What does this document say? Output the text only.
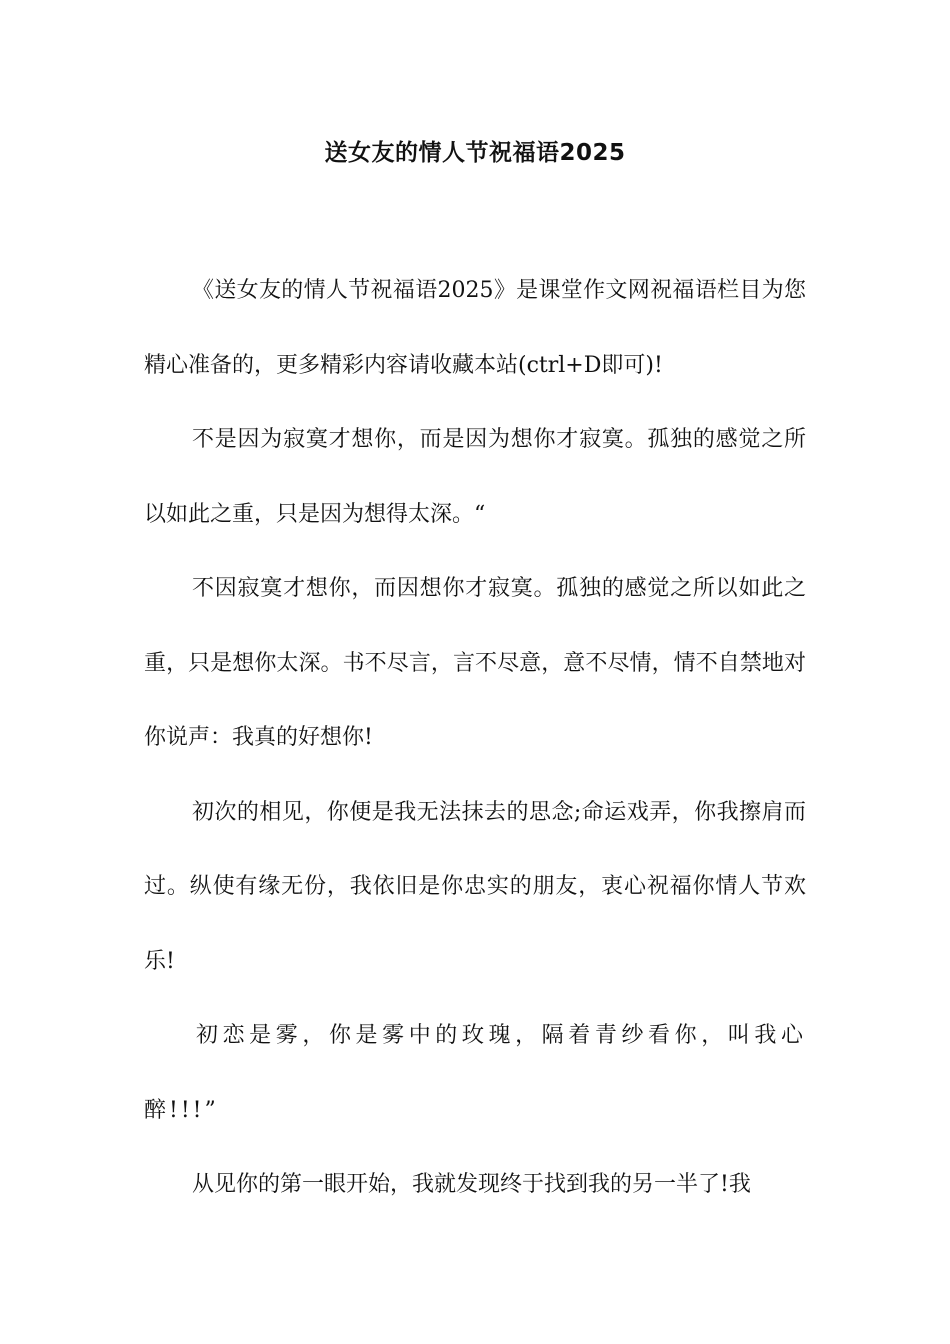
送女友的情人节祝福语2025

《送女友的情人节祝福语2025》是课堂作文网祝福语栏目为您精心准备的，更多精彩内容请收藏本站(ctrl+D即可)!

不是因为寂寞才想你，而是因为想你才寂寞。孤独的感觉之所以如此之重，只是因为想得太深。“

不因寂寞才想你，而因想你才寂寞。孤独的感觉之所以如此之重，只是想你太深。书不尽言，言不尽意，意不尽情，情不自禁地对你说声：我真的好想你!

初次的相见，你便是我无法抹去的思念;命运戏弄，你我擦肩而过。纵使有缘无份，我依旧是你忠实的朋友，衷心祝福你情人节欢乐!

初恋是雾，你是雾中的玫瑰，隔着青纱看你，叫我心醉!!!”

从见你的第一眼开始，我就发现终于找到我的另一半了!我
